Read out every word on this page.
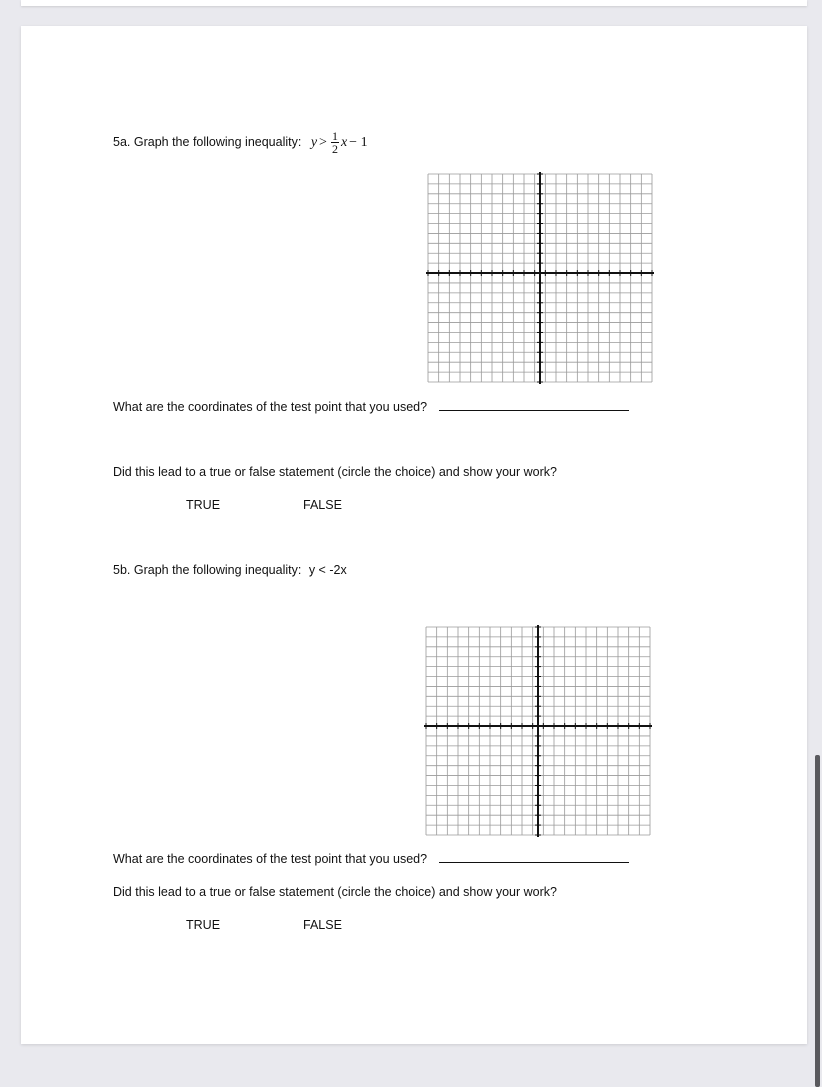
5a. Graph the following inequality: $y > \frac{1}{2}$ x − 1
What are the coordinates of the test point that you used?
Did this lead to a true or false statement (circle the choice) and show your work?
TRUE	FALSE
5b. Graph the following inequality: y < -2x
What are the coordinates of the test point that you used?
Did this lead to a true or false statement (circle the choice) and show your work?
TRUE	FALSE
